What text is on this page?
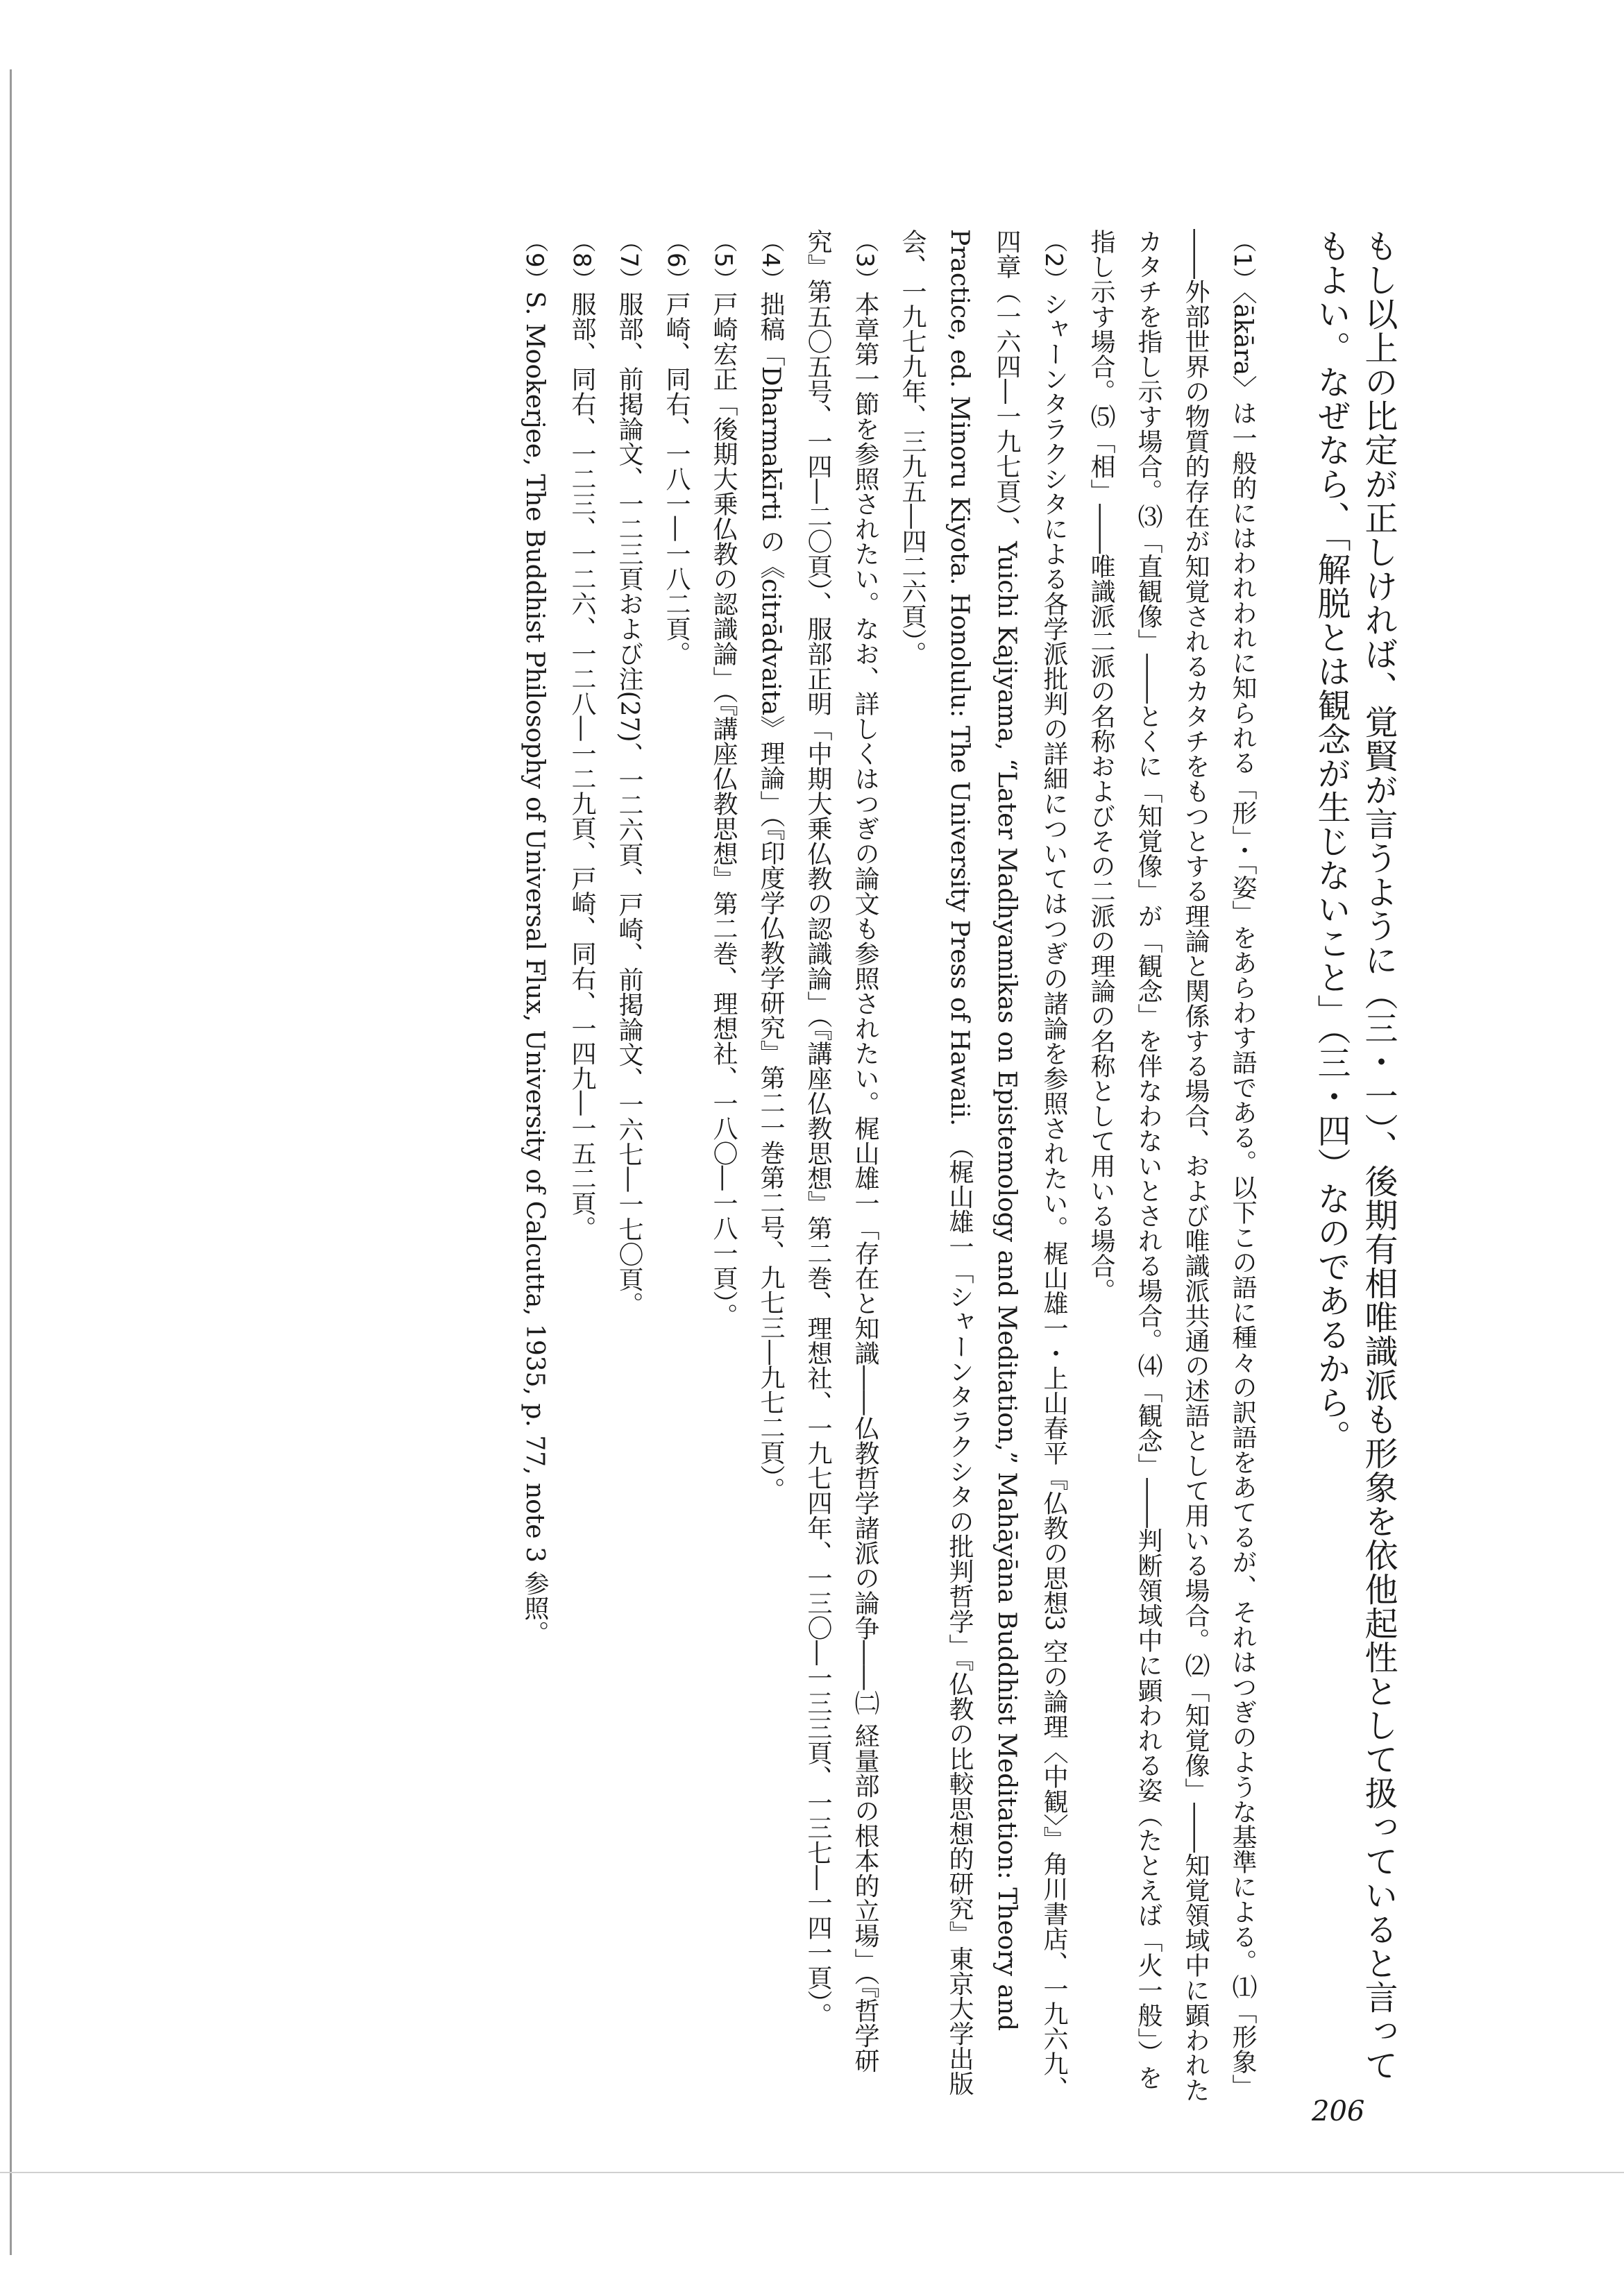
もし以上の比定が正しければ、覚賢が言うように（三・一）、後期有相唯識派も形象を依他起性として扱っていると言ってもよい。なぜなら、「解脱とは観念が生じないこと」（三・四）なのであるから。

（1）〈ākāra〉は一般的にはわれわれに知られる「形」・「姿」をあらわす語である。以下この語に種々の訳語をあてるが、それはつぎのような基準による。⑴「形象」――外部世界の物質的存在が知覚されるカタチをもつとする理論と関係する場合、および唯識派共通の述語として用いる場合。⑵「知覚像」――知覚領域中に顕われたカタチを指し示す場合。⑶「直観像」――とくに「知覚像」が「観念」を伴なわないとされる場合。⑷「観念」――判断領域中に顕われる姿（たとえば「火一般」）を指し示す場合。⑸「相」――唯識派二派の名称およびその二派の理論の名称として用いる場合。

（2）シャーンタラクシタによる各学派批判の詳細についてはつぎの諸論を参照されたい。梶山雄一・上山春平『仏教の思想3 空の論理〈中観〉』角川書店、一九六九、四章（一六四―一九七頁）、Yuichi Kajiyama, “Later Madhyamikas on Epistemology and Meditation,” Mahāyāna Buddhist Meditation: Theory and Practice, ed. Minoru Kiyota. Honolulu: The University Press of Hawaii. （梶山雄一「シャーンタラクシタの批判哲学」『仏教の比較思想的研究』東京大学出版会、一九七九年、三九五―四二六頁）。

（3）本章第一節を参照されたい。なお、詳しくはつぎの論文も参照されたい。梶山雄一「存在と知識――仏教哲学諸派の論争――㈡ 経量部の根本的立場」（『哲学研究』第五〇五号、一四―二〇頁）、服部正明「中期大乗仏教の認識論」（『講座仏教思想』第二巻、理想社、一九七四年、一三〇―一三三頁、一三七―一四一頁）。

（4）拙稿「Dharmakīrti の《citrādvaita》理論」（『印度学仏教学研究』第二一巻第二号、九七三―九七二頁）。

（5）戸崎宏正「後期大乗仏教の認識論」（『講座仏教思想』第二巻、理想社、一八〇―一八一頁）。

（6）戸崎、同右、一八一―一八二頁。

（7）服部、前掲論文、一二三頁および注(27)、一二六頁、戸崎、前掲論文、一六七―一七〇頁。

（8）服部、同右、一二三、一二六、一二八―一二九頁、戸崎、同右、一四九―一五二頁。

（9）S. Mookerjee, The Buddhist Philosophy of Universal Flux, University of Calcutta, 1935, p. 77, note 3 参照。

206
